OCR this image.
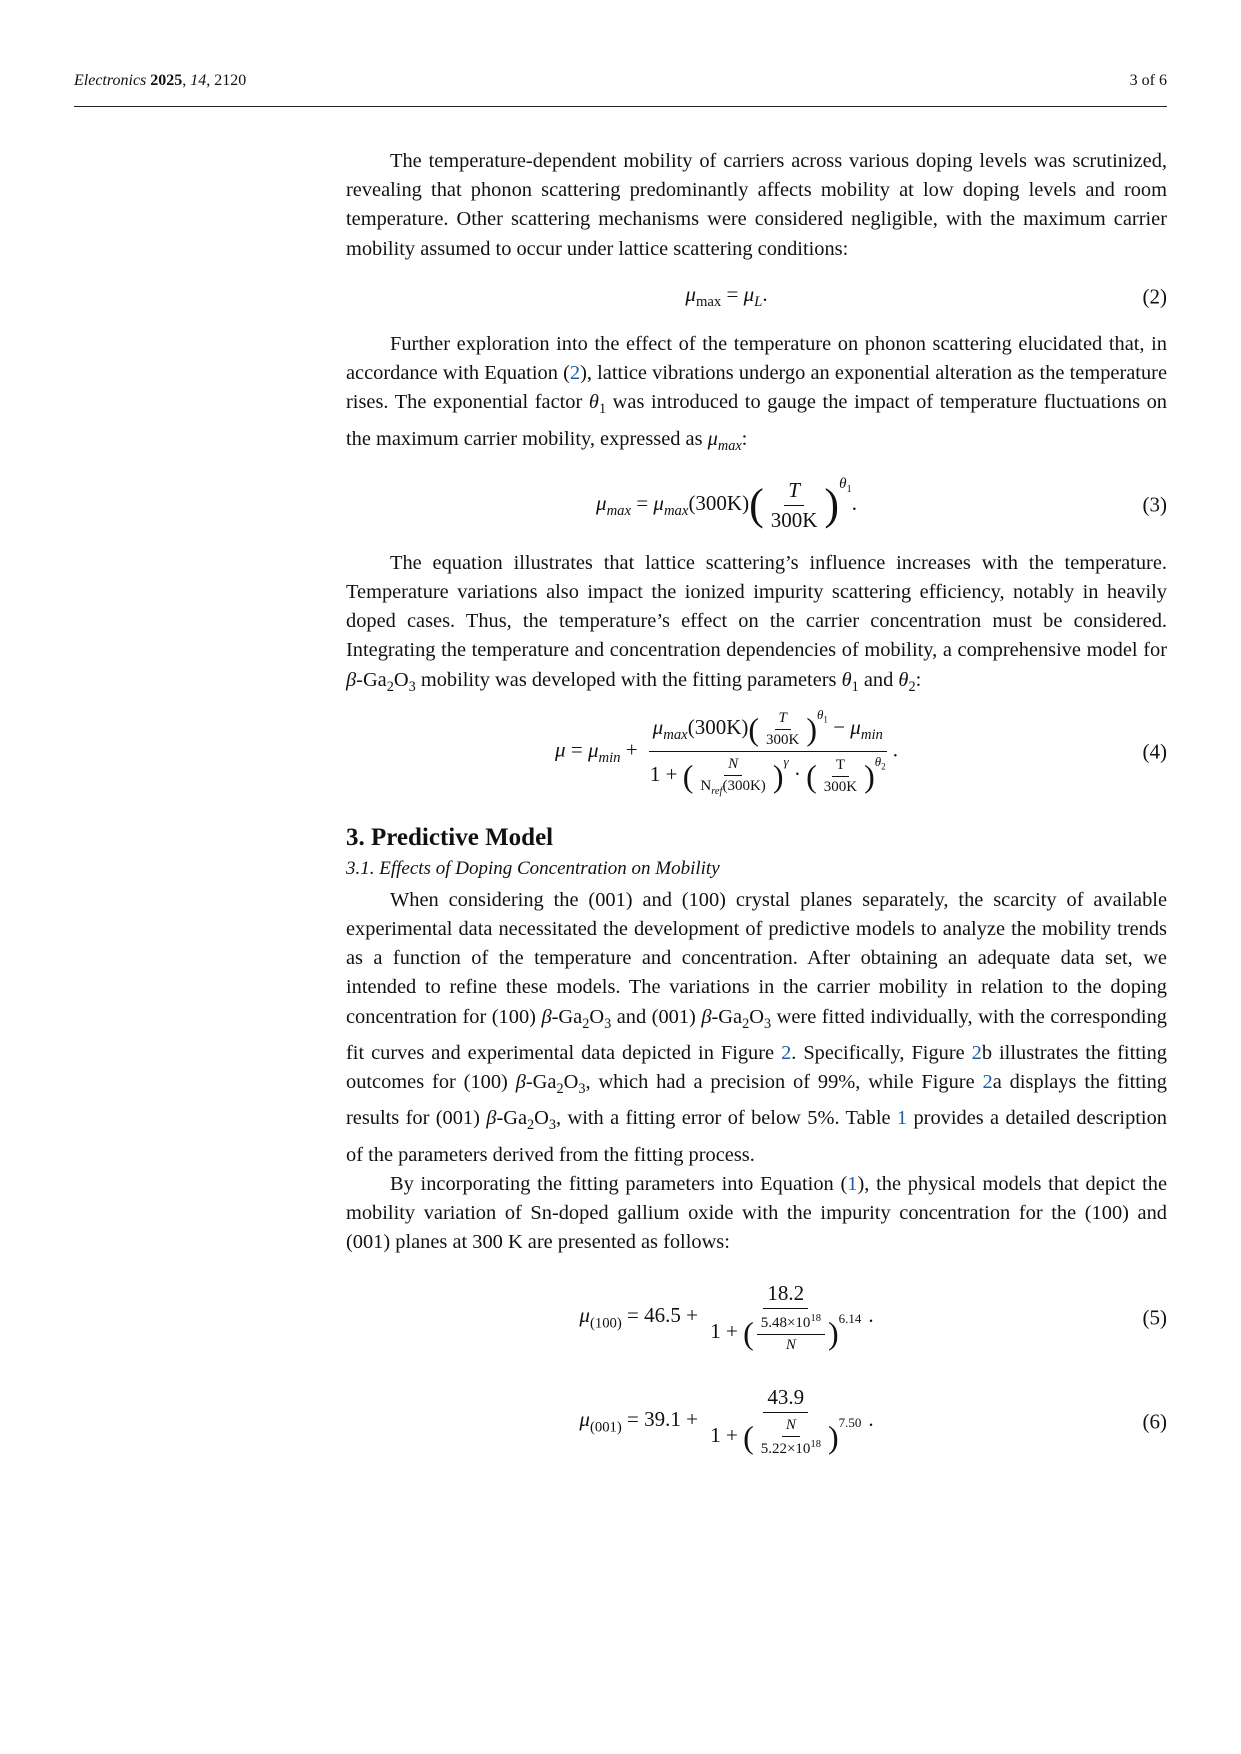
Electronics 2025, 14, 2120	3 of 6

The temperature-dependent mobility of carriers across various doping levels was scrutinized, revealing that phonon scattering predominantly affects mobility at low doping levels and room temperature. Other scattering mechanisms were considered negligible, with the maximum carrier mobility assumed to occur under lattice scattering conditions:

$\mu_{max} = \mu_L$.	(2)

Further exploration into the effect of the temperature on phonon scattering elucidated that, in accordance with Equation (2), lattice vibrations undergo an exponential alteration as the temperature rises. The exponential factor $\theta_1$ was introduced to gauge the impact of temperature fluctuations on the maximum carrier mobility, expressed as $\mu_{max}$:

$\mu_{max} = \mu_{max}(300K)( \frac{T}{300K} )^{\theta_1}$.	(3)

The equation illustrates that lattice scattering’s influence increases with the temperature. Temperature variations also impact the ionized impurity scattering efficiency, notably in heavily doped cases. Thus, the temperature’s effect on the carrier concentration must be considered. Integrating the temperature and concentration dependencies of mobility, a comprehensive model for $\beta-Ga_2O_3$ mobility was developed with the fitting parameters $\theta_1$ and $\theta_2$:

$\mu = \mu_{min} + \frac{\mu_{max}(300K)( \frac{T}{300K} )^{\theta_1} - \mu_{min}}{1 + ( \frac{N}{N_{ref}(300K)} )^\gamma \cdot ( \frac{T}{300K} )^{\theta_2}}$ .	(4)
3. Predictive Model
3.1. Effects of Doping Concentration on Mobility

When considering the (001) and (100) crystal planes separately, the scarcity of available experimental data necessitated the development of predictive models to analyze the mobility trends as a function of the temperature and concentration. After obtaining an adequate data set, we intended to refine these models. The variations in the carrier mobility in relation to the doping concentration for (100) $\beta-Ga_2O_3$ and (001) $\beta-Ga_2O_3$ were fitted individually, with the corresponding fit curves and experimental data depicted in Figure 2. Specifically, Figure 2b illustrates the fitting outcomes for (100) $\beta-Ga_2O_3$, which had a precision of 99%, while Figure 2a displays the fitting results for (001) $\beta-Ga_2O_3$, with a fitting error of below 5%. Table 1 provides a detailed description of the parameters derived from the fitting process.

By incorporating the fitting parameters into Equation (1), the physical models that depict the mobility variation of Sn-doped gallium oxide with the impurity concentration for the (100) and (001) planes at 300 K are presented as follows:

$\mu_{(100)} = 46.5 + \frac{18.2}{1 + ( \frac{5.48\times 10^{18}}{N} )^{6.14}}$ .	(5)
$\mu_{(001)} = 39.1 + \frac{43.9}{1 + ( \frac{N}{5.22\times 10^{18}} )^{7.50}}$ .	(6)
